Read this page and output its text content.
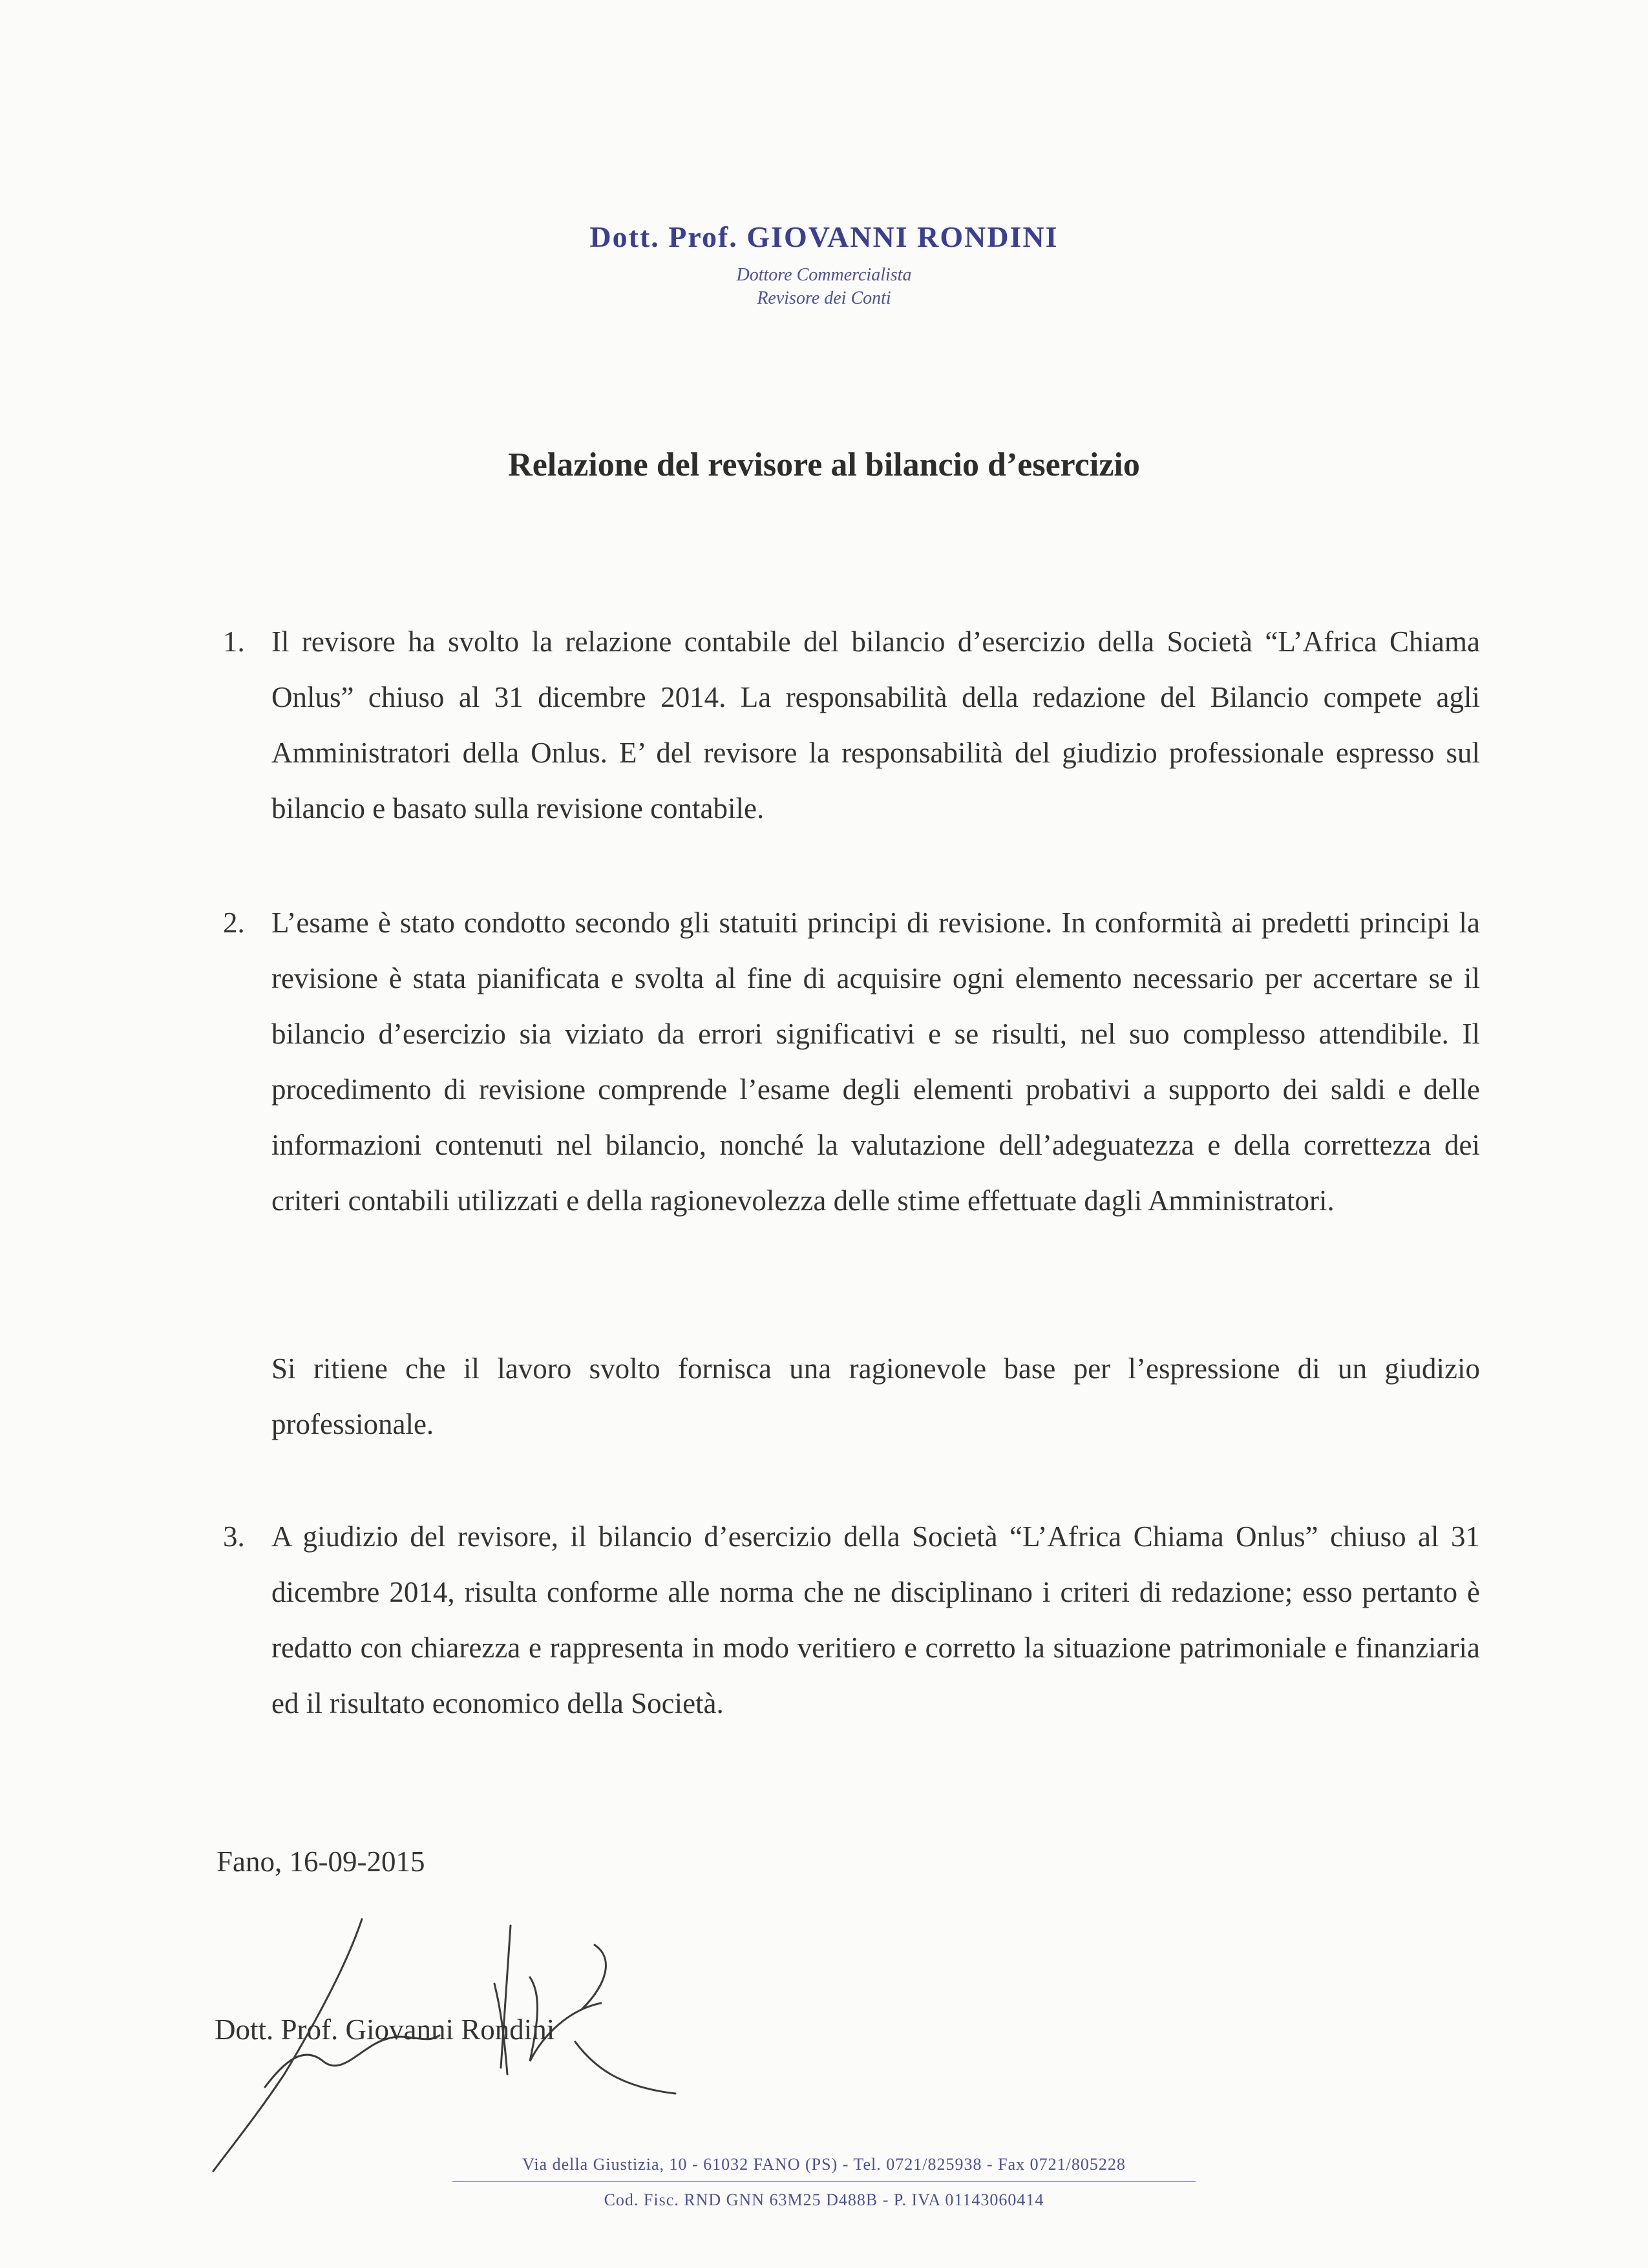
Dott. Prof. GIOVANNI RONDINI
Dottore Commercialista
Revisore dei Conti
Relazione del revisore al bilancio d’esercizio
1. Il revisore ha svolto la relazione contabile del bilancio d’esercizio della Società “L’Africa Chiama Onlus” chiuso al 31 dicembre 2014. La responsabilità della redazione del Bilancio compete agli Amministratori della Onlus. E’ del revisore la responsabilità del giudizio professionale espresso sul bilancio e basato sulla revisione contabile.
2. L’esame è stato condotto secondo gli statuiti principi di revisione. In conformità ai predetti principi la revisione è stata pianificata e svolta al fine di acquisire ogni elemento necessario per accertare se il bilancio d’esercizio sia viziato da errori significativi e se risulti, nel suo complesso attendibile. Il procedimento di revisione comprende l’esame degli elementi probativi a supporto dei saldi e delle informazioni contenuti nel bilancio, nonché la valutazione dell’adeguatezza e della correttezza dei criteri contabili utilizzati e della ragionevolezza delle stime effettuate dagli Amministratori.
Si ritiene che il lavoro svolto fornisca una ragionevole base per l’espressione di un giudizio professionale.
3. A giudizio del revisore, il bilancio d’esercizio della Società “L’Africa Chiama Onlus” chiuso al 31 dicembre 2014, risulta conforme alle norma che ne disciplinano i criteri di redazione; esso pertanto è redatto con chiarezza e rappresenta in modo veritiero e corretto la situazione patrimoniale e finanziaria ed il risultato economico della Società.
Fano, 16-09-2015
Dott. Prof. Giovanni Rondini
Via della Giustizia, 10 - 61032 FANO (PS) - Tel. 0721/825938 - Fax 0721/805228
Cod. Fisc. RND GNN 63M25 D488B - P. IVA 01143060414
